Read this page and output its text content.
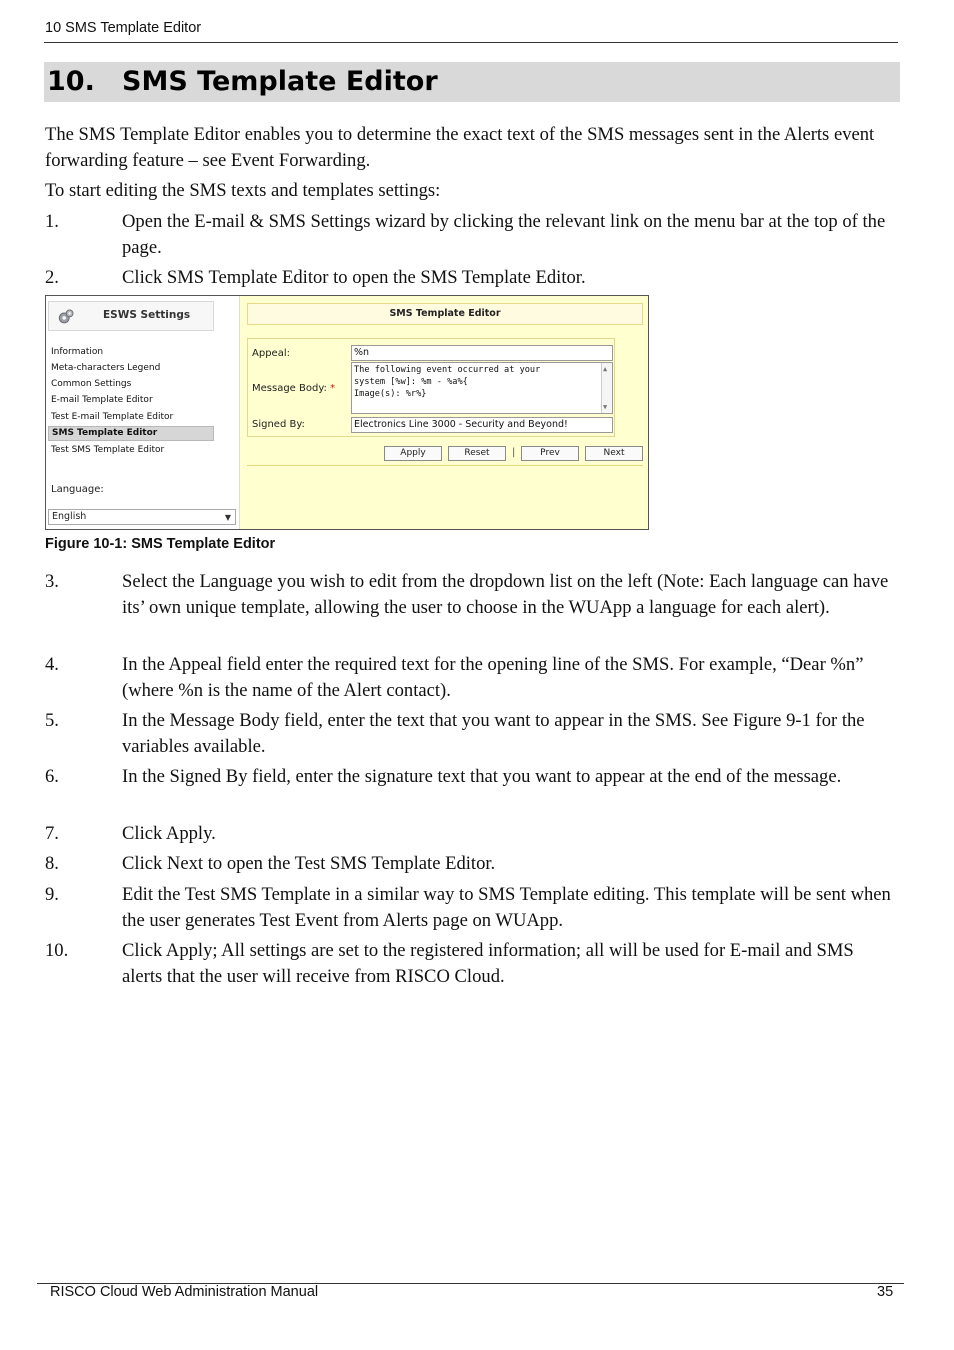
10 SMS Template Editor
10. SMS Template Editor

The SMS Template Editor enables you to determine the exact text of the SMS messages sent in the Alerts event forwarding feature – see Event Forwarding.

To start editing the SMS texts and templates settings:

1.	Open the E-mail & SMS Settings wizard by clicking the relevant link on the menu bar at the top of the page.
2.	Click SMS Template Editor to open the SMS Template Editor.
ESWS Settings
Information
Meta-characters Legend
Common Settings
E-mail Template Editor
Test E-mail Template Editor
SMS Template Editor
Test SMS Template Editor
Language:
English	▼
SMS Template Editor
Appeal:	%n
Message Body: *
The following event occurred at your
system [%w]: %m - %a%{
Image(s): %r%}
▲
▼
Signed By:	Electronics Line 3000 - Security and Beyond!
Apply	Reset	|	Prev	Next
Figure 10-1: SMS Template Editor
3.	Select the Language you wish to edit from the dropdown list on the left (Note: Each language can have its’ own unique template, allowing the user to choose in the WUApp a language for each alert).
4.	In the Appeal field enter the required text for the opening line of the SMS. For example, “Dear %n” (where %n is the name of the Alert contact).
5.	In the Message Body field, enter the text that you want to appear in the SMS. See Figure 9-1 for the variables available.
6.	In the Signed By field, enter the signature text that you want to appear at the end of the message.
7.	Click Apply.
8.	Click Next to open the Test SMS Template Editor.
9.	Edit the Test SMS Template in a similar way to SMS Template editing. This template will be sent when the user generates Test Event from Alerts page on WUApp.
10.	Click Apply; All settings are set to the registered information; all will be used for E-mail and SMS alerts that the user will receive from RISCO Cloud.
RISCO Cloud Web Administration Manual	35
